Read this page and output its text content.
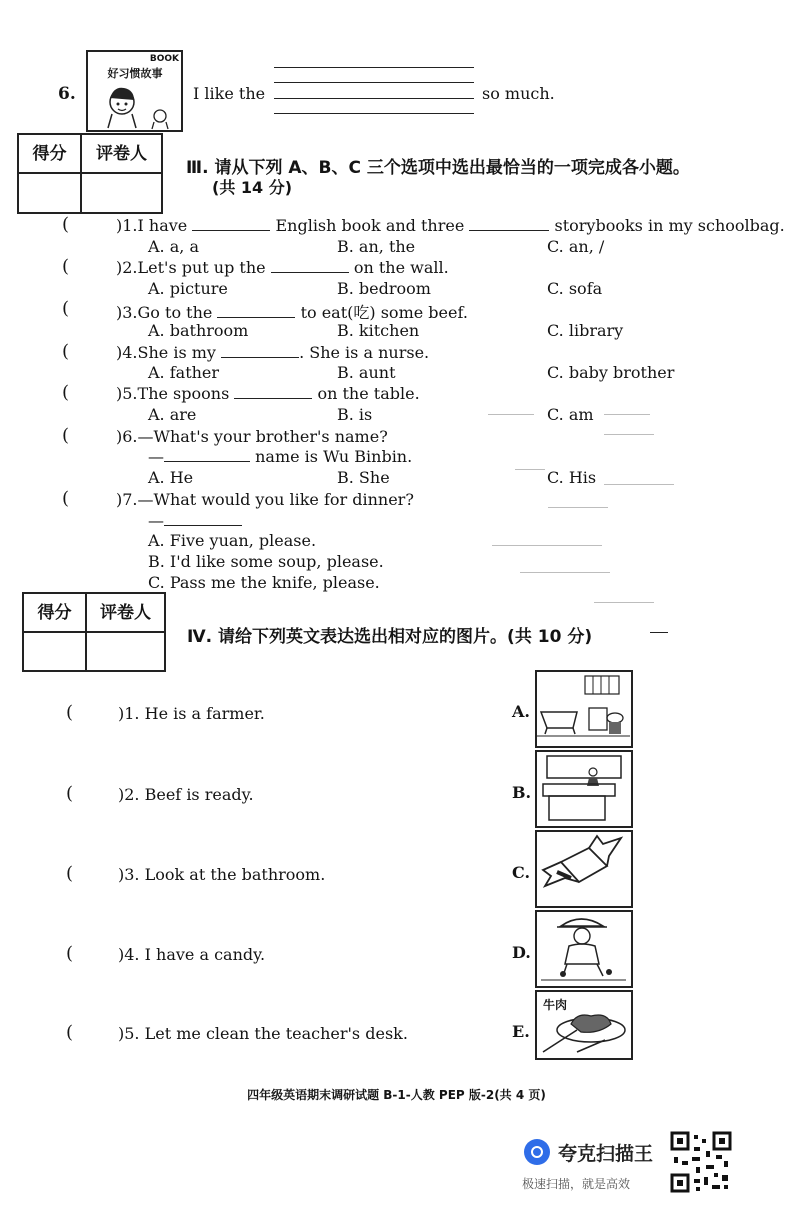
6.
BOOK
好习惯故事
I like the	so much.
得分	评卷人
Ⅲ. 请从下列 A、B、C 三个选项中选出最恰当的一项完成各小题。
(共 14 分)
(	)1.I have	English book and three	storybooks in my schoolbag.
A. a, a	B. an, the	C. an, /
(	)2.Let's put up the	on the wall.
A. picture	B. bedroom	C. sofa
(	)3.Go to the	to eat(吃) some beef.
A. bathroom	B. kitchen	C. library
(	)4.She is my	. She is a nurse.
A. father	B. aunt	C. baby brother
(	)5.The spoons	on the table.
A. are	B. is	C. am
(	)6.—What's your brother's name?
—	name is Wu Binbin.
A. He	B. She	C. His
(	)7.—What would you like for dinner?
—
A. Five yuan, please.
B. I'd like some soup, please.
C. Pass me the knife, please.
得分	评卷人
Ⅳ. 请给下列英文表达选出相对应的图片。(共 10 分)
(	)1. He is a farmer.
(	)2. Beef is ready.
(	)3. Look at the bathroom.
(	)4. I have a candy.
(	)5. Let me clean the teacher's desk.
A.
B.
C.
D.
E.
牛肉
四年级英语期末调研试题 B-1-人教 PEP 版-2(共 4 页)
夸克扫描王
极速扫描，就是高效
